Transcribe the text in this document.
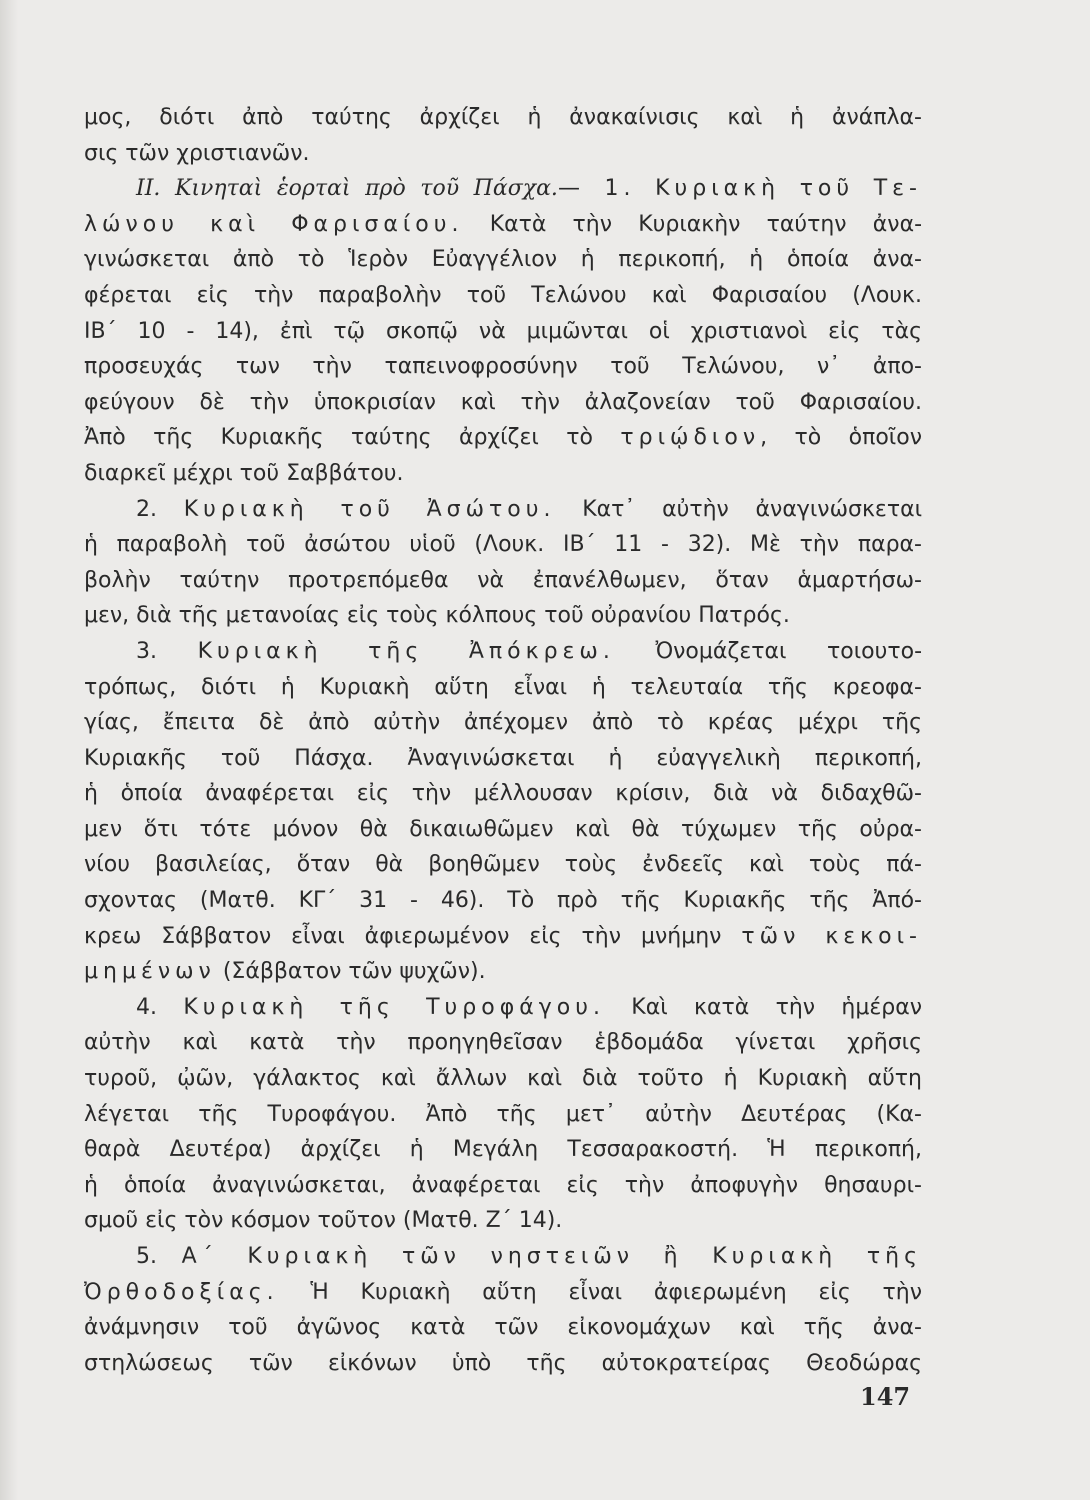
μος, διότι ἀπὸ ταύτης ἀρχίζει ἡ ἀνακαίνισις καὶ ἡ ἀνάπλα-
σις τῶν χριστιανῶν.
ΙΙ. Κινηταὶ ἑορταὶ πρὸ τοῦ Πάσχα.— 1. Κυριακὴ τοῦ Τε-
λώνου καὶ Φαρισαίου. Κατὰ τὴν Κυριακὴν ταύτην ἀνα-
γινώσκεται ἀπὸ τὸ Ἱερὸν Εὐαγγέλιον ἡ περικοπή, ἡ ὁποία ἀνα-
φέρεται εἰς τὴν παραβολὴν τοῦ Τελώνου καὶ Φαρισαίου (Λουκ.
ΙΒ΄ 10 - 14), ἐπὶ τῷ σκοπῷ νὰ μιμῶνται οἱ χριστιανοὶ εἰς τὰς
προσευχάς των τὴν ταπεινοφροσύνην τοῦ Τελώνου, ν᾽ ἀπο-
φεύγουν δὲ τὴν ὑποκρισίαν καὶ τὴν ἀλαζονείαν τοῦ Φαρισαίου.
Ἀπὸ τῆς Κυριακῆς ταύτης ἀρχίζει τὸ τριῴδιον, τὸ ὁποῖον
διαρκεῖ μέχρι τοῦ Σαββάτου.
2. Κυριακὴ τοῦ Ἀσώτου. Κατ᾽ αὐτὴν ἀναγινώσκεται
ἡ παραβολὴ τοῦ ἀσώτου υἱοῦ (Λουκ. ΙΒ΄ 11 - 32). Μὲ τὴν παρα-
βολὴν ταύτην προτρεπόμεθα νὰ ἐπανέλθωμεν, ὅταν ἁμαρτήσω-
μεν, διὰ τῆς μετανοίας εἰς τοὺς κόλπους τοῦ οὐρανίου Πατρός.
3. Κυριακὴ τῆς Ἀπόκρεω. Ὀνομάζεται τοιουτο-
τρόπως, διότι ἡ Κυριακὴ αὕτη εἶναι ἡ τελευταία τῆς κρεοφα-
γίας, ἔπειτα δὲ ἀπὸ αὐτὴν ἀπέχομεν ἀπὸ τὸ κρέας μέχρι τῆς
Κυριακῆς τοῦ Πάσχα. Ἀναγινώσκεται ἡ εὐαγγελικὴ περικοπή,
ἡ ὁποία ἀναφέρεται εἰς τὴν μέλλουσαν κρίσιν, διὰ νὰ διδαχθῶ-
μεν ὅτι τότε μόνον θὰ δικαιωθῶμεν καὶ θὰ τύχωμεν τῆς οὐρα-
νίου βασιλείας, ὅταν θὰ βοηθῶμεν τοὺς ἐνδεεῖς καὶ τοὺς πά-
σχοντας (Ματθ. ΚΓ΄ 31 - 46). Τὸ πρὸ τῆς Κυριακῆς τῆς Ἀπό-
κρεω Σάββατον εἶναι ἀφιερωμένον εἰς τὴν μνήμην τῶν κεκοι-
μημένων (Σάββατον τῶν ψυχῶν).
4. Κυριακὴ τῆς Τυροφάγου. Καὶ κατὰ τὴν ἡμέραν
αὐτὴν καὶ κατὰ τὴν προηγηθεῖσαν ἑβδομάδα γίνεται χρῆσις
τυροῦ, ᾠῶν, γάλακτος καὶ ἄλλων καὶ διὰ τοῦτο ἡ Κυριακὴ αὕτη
λέγεται τῆς Τυροφάγου. Ἀπὸ τῆς μετ᾽ αὐτὴν Δευτέρας (Κα-
θαρὰ Δευτέρα) ἀρχίζει ἡ Μεγάλη Τεσσαρακοστή. Ἡ περικοπή,
ἡ ὁποία ἀναγινώσκεται, ἀναφέρεται εἰς τὴν ἀποφυγὴν θησαυρι-
σμοῦ εἰς τὸν κόσμον τοῦτον (Ματθ. Ζ΄ 14).
5. Α΄ Κυριακὴ τῶν νηστειῶν ἢ Κυριακὴ τῆς
Ὀρθοδοξίας. Ἡ Κυριακὴ αὕτη εἶναι ἀφιερωμένη εἰς τὴν
ἀνάμνησιν τοῦ ἀγῶνος κατὰ τῶν εἰκονομάχων καὶ τῆς ἀνα-
στηλώσεως τῶν εἰκόνων ὑπὸ τῆς αὐτοκρατείρας Θεοδώρας
147
